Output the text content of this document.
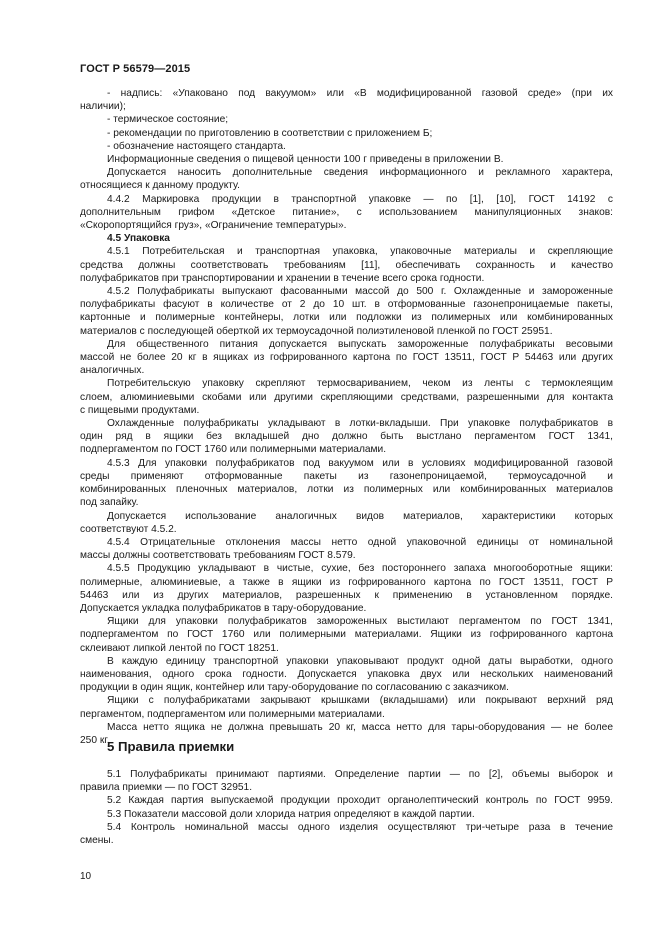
ГОСТ Р 56579—2015
- надпись: «Упаковано под вакуумом» или «В модифицированной газовой среде» (при их
наличии);
- термическое состояние;
- рекомендации по приготовлению в соответствии с приложением Б;
- обозначение настоящего стандарта.
Информационные сведения о пищевой ценности 100 г приведены в приложении В.
Допускается наносить дополнительные сведения информационного и рекламного характера,
относящиеся к данному продукту.
4.4.2 Маркировка продукции в транспортной упаковке — по [1], [10], ГОСТ 14192 с
дополнительным грифом «Детское питание», с использованием манипуляционных знаков:
«Скоропортящийся груз», «Ограничение температуры».
4.5 Упаковка
4.5.1 Потребительская и транспортная упаковка, упаковочные материалы и скрепляющие
средства должны соответствовать требованиям [11], обеспечивать сохранность и качество
полуфабрикатов при транспортировании и хранении в течение всего срока годности.
4.5.2 Полуфабрикаты выпускают фасованными массой до 500 г. Охлажденные и замороженные
полуфабрикаты фасуют в количестве от 2 до 10 шт. в отформованные газонепроницаемые пакеты,
картонные и полимерные контейнеры, лотки или подложки из полимерных или комбинированных
материалов с последующей оберткой их термоусадочной полиэтиленовой пленкой по ГОСТ 25951.
Для общественного питания допускается выпускать замороженные полуфабрикаты весовыми
массой не более 20 кг в ящиках из гофрированного картона по ГОСТ 13511, ГОСТ Р 54463 или других
аналогичных.
Потребительскую упаковку скрепляют термосвариванием, чеком из ленты с термоклеящим
слоем, алюминиевыми скобами или другими скрепляющими средствами, разрешенными для контакта
с пищевыми продуктами.
Охлажденные полуфабрикаты укладывают в лотки-вкладыши. При упаковке полуфабрикатов в
один ряд в ящики без вкладышей дно должно быть выстлано пергаментом ГОСТ 1341,
подпергаментом по ГОСТ 1760 или полимерными материалами.
4.5.3 Для упаковки полуфабрикатов под вакуумом или в условиях модифицированной газовой
среды применяют отформованные пакеты из газонепроницаемой, термоусадочной и
комбинированных пленочных материалов, лотки из полимерных или комбинированных материалов
под запайку.
Допускается использование аналогичных видов материалов, характеристики которых
соответствуют 4.5.2.
4.5.4 Отрицательные отклонения массы нетто одной упаковочной единицы от номинальной
массы должны соответствовать требованиям ГОСТ 8.579.
4.5.5 Продукцию укладывают в чистые, сухие, без постороннего запаха многооборотные ящики:
полимерные, алюминиевые, а также в ящики из гофрированного картона по ГОСТ 13511, ГОСТ Р
54463 или из других материалов, разрешенных к применению в установленном порядке.
Допускается укладка полуфабрикатов в тару-оборудование.
Ящики для упаковки полуфабрикатов замороженных выстилают пергаментом по ГОСТ 1341,
подпергаментом по ГОСТ 1760 или полимерными материалами. Ящики из гофрированного картона
склеивают липкой лентой по ГОСТ 18251.
В каждую единицу транспортной упаковки упаковывают продукт одной даты выработки, одного
наименования, одного срока годности. Допускается упаковка двух или нескольких наименований
продукции в один ящик, контейнер или тару-оборудование по согласованию с заказчиком.
Ящики с полуфабрикатами закрывают крышками (вкладышами) или покрывают верхний ряд
пергаментом, подпергаментом или полимерными материалами.
Масса нетто ящика не должна превышать 20 кг, масса нетто для тары-оборудования — не более
250 кг.
5 Правила приемки
5.1 Полуфабрикаты принимают партиями. Определение партии — по [2], объемы выборок и
правила приемки — по ГОСТ 32951.
5.2 Каждая партия выпускаемой продукции проходит органолептический контроль по ГОСТ 9959.
5.3 Показатели массовой доли хлорида натрия определяют в каждой партии.
5.4 Контроль номинальной массы одного изделия осуществляют три-четыре раза в течение
смены.
10
